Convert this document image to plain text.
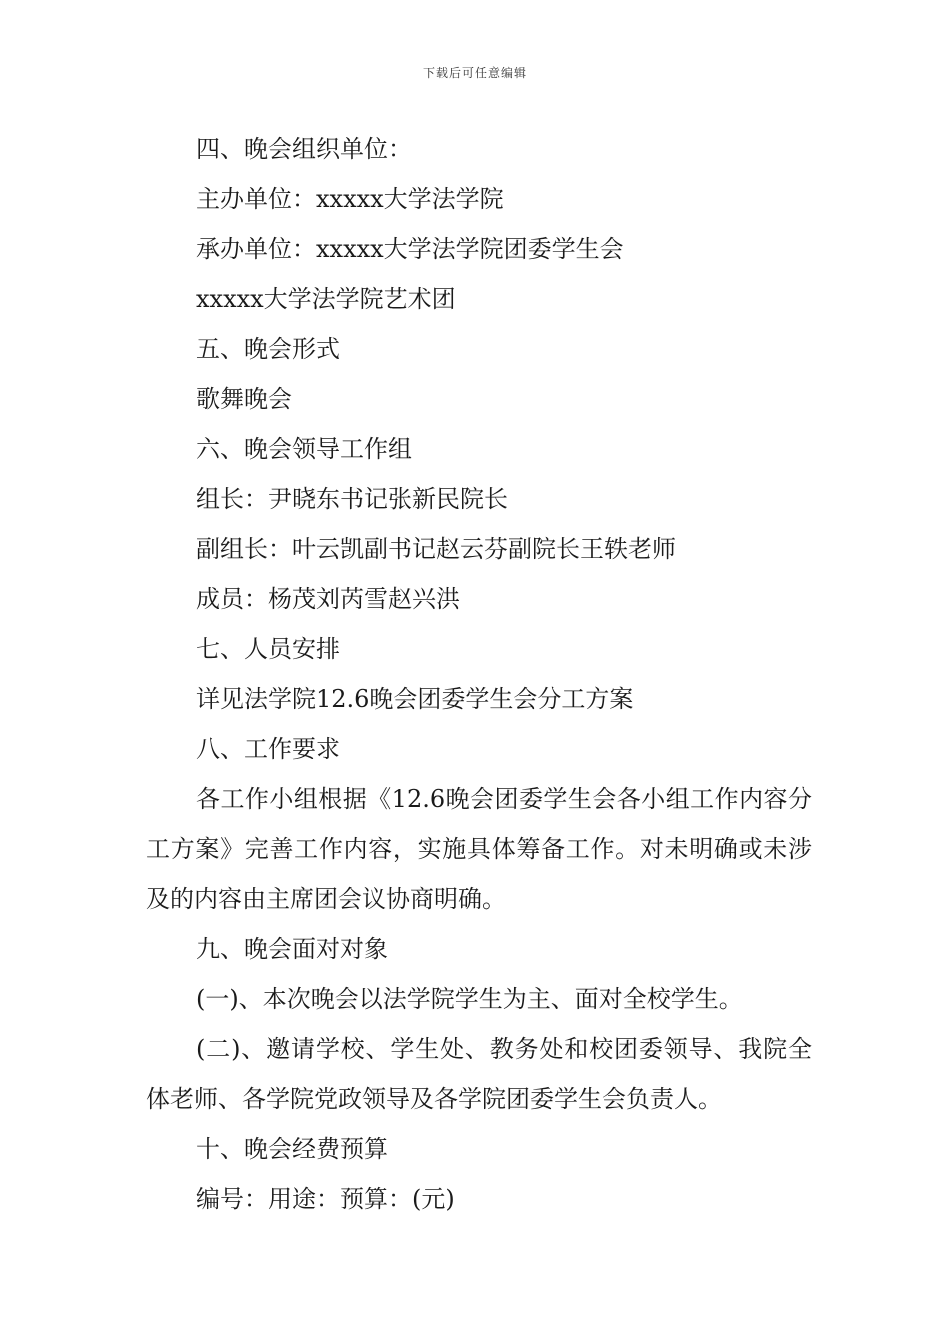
下载后可任意编辑
四、晚会组织单位：
主办单位：xxxxx大学法学院
承办单位：xxxxx大学法学院团委学生会
xxxxx大学法学院艺术团
五、晚会形式
歌舞晚会
六、晚会领导工作组
组长：尹晓东书记张新民院长
副组长：叶云凯副书记赵云芬副院长王轶老师
成员：杨茂刘芮雪赵兴洪
七、人员安排
详见法学院12.6晚会团委学生会分工方案
八、工作要求

各工作小组根据《12.6晚会团委学生会各小组工作内容分工方案》完善工作内容，实施具体筹备工作。对未明确或未涉及的内容由主席团会议协商明确。

九、晚会面对对象

(一)、本次晚会以法学院学生为主、面对全校学生。

(二)、邀请学校、学生处、教务处和校团委领导、我院全体老师、各学院党政领导及各学院团委学生会负责人。

十、晚会经费预算
编号：用途：预算：(元)
